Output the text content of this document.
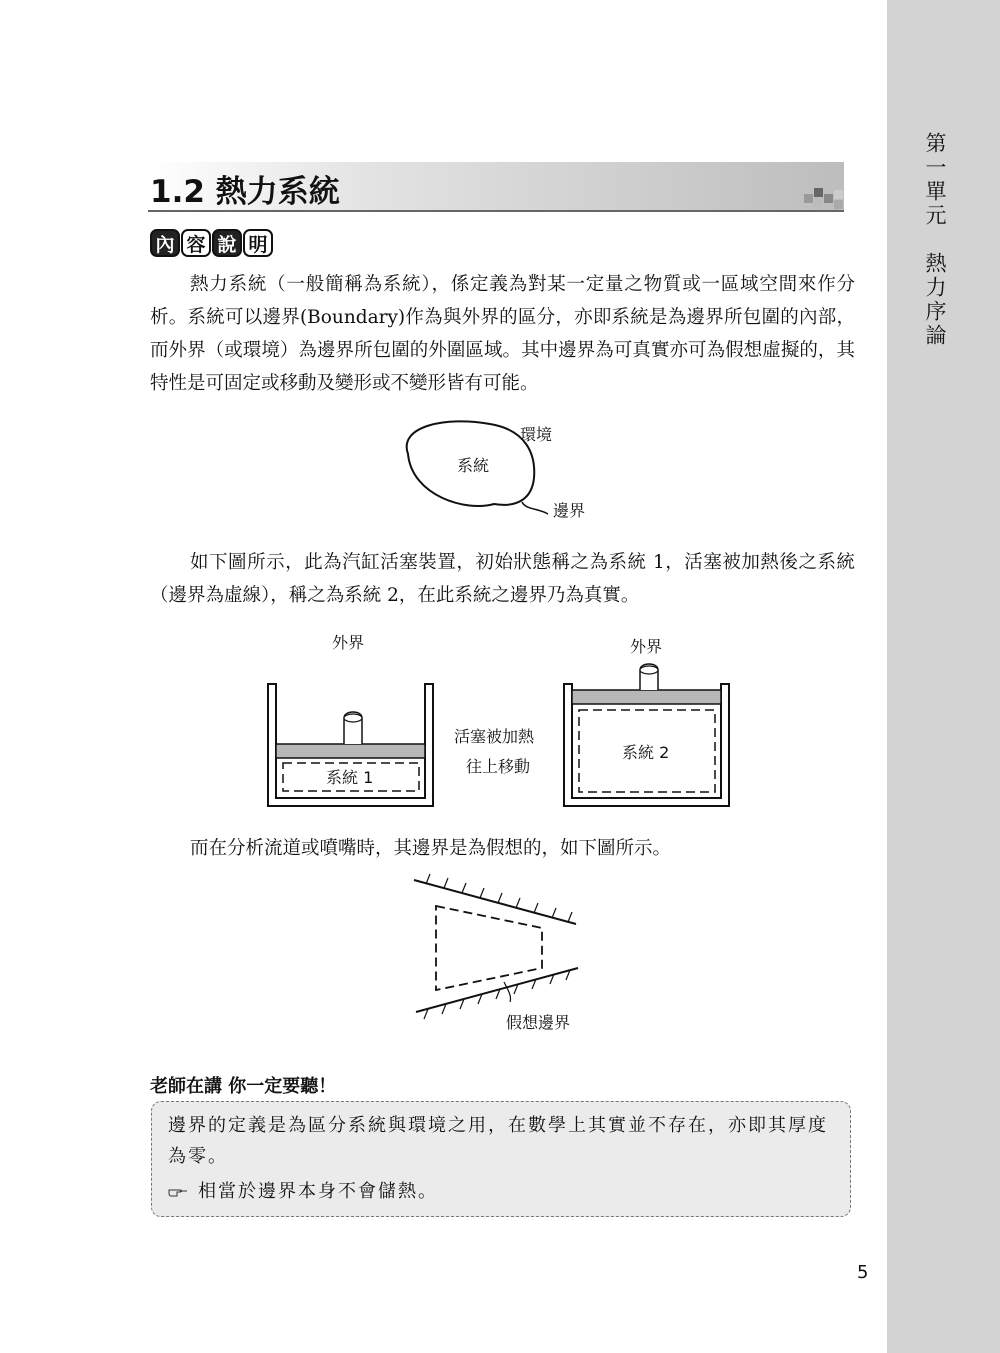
第一單元　熱力序論
1.2 熱力系統
內 容 說 明

熱力系統（一般簡稱為系統），係定義為對某一定量之物質或一區域空間來作分析。系統可以邊界(Boundary)作為與外界的區分，亦即系統是為邊界所包圍的內部，而外界（或環境）為邊界所包圍的外圍區域。其中邊界為可真實亦可為假想虛擬的，其特性是可固定或移動及變形或不變形皆有可能。

環境
系統
邊界

如下圖所示，此為汽缸活塞裝置，初始狀態稱之為系統 1，活塞被加熱後之系統（邊界為虛線），稱之為系統 2，在此系統之邊界乃為真實。

外界	外界
系統 1
活塞被加熱
往上移動
系統 2

而在分析流道或噴嘴時，其邊界是為假想的，如下圖所示。

假想邊界
老師在講 你一定要聽！

邊界的定義是為區分系統與環境之用，在數學上其實並不存在，亦即其厚度為零。

相當於邊界本身不會儲熱。

5
